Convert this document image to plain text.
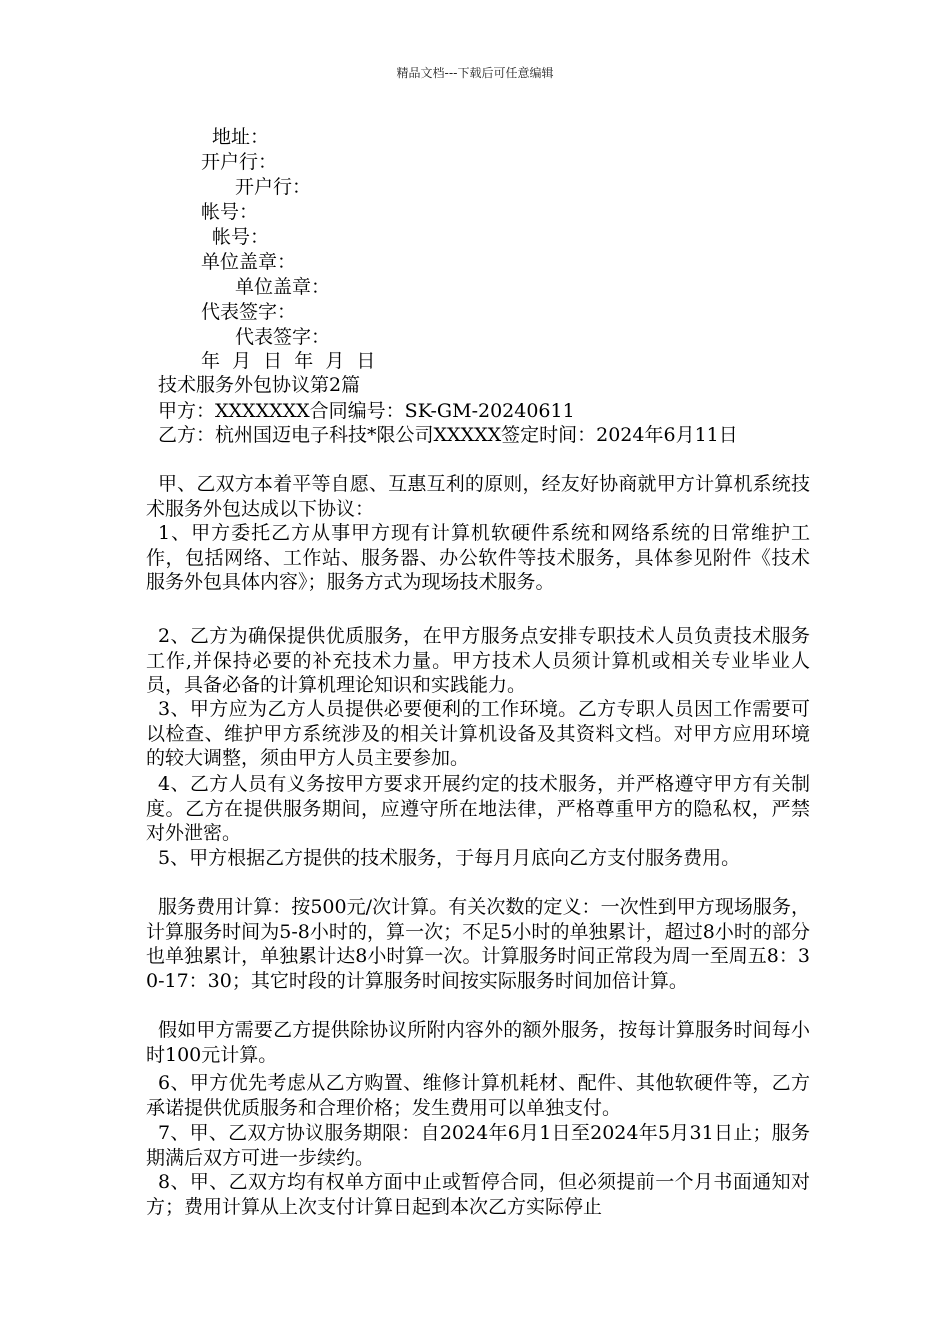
精品文档---下载后可任意编辑
地址：
开户行：
开户行：
帐号：
帐号：
单位盖章：
单位盖章：
代表签字：
代表签字：
年  月  日  年  月  日
技术服务外包协议第2篇
甲方：XXXXXXX合同编号：SK-GM-20240611

乙方：杭州国迈电子科技*限公司XXXXX签定时间：2024年6月11日

甲、乙双方本着平等自愿、互惠互利的原则，经友好协商就甲方计算机系统技术服务外包达成以下协议：

1、甲方委托乙方从事甲方现有计算机软硬件系统和网络系统的日常维护工作，包括网络、工作站、服务器、办公软件等技术服务，具体参见附件《技术服务外包具体内容》；服务方式为现场技术服务。

2、乙方为确保提供优质服务，在甲方服务点安排专职技术人员负责技术服务工作,并保持必要的补充技术力量。甲方技术人员须计算机或相关专业毕业人员，具备必备的计算机理论知识和实践能力。

3、甲方应为乙方人员提供必要便利的工作环境。乙方专职人员因工作需要可以检查、维护甲方系统涉及的相关计算机设备及其资料文档。对甲方应用环境的较大调整，须由甲方人员主要参加。

4、乙方人员有义务按甲方要求开展约定的技术服务，并严格遵守甲方有关制度。乙方在提供服务期间，应遵守所在地法律，严格尊重甲方的隐私权，严禁对外泄密。

5、甲方根据乙方提供的技术服务，于每月月底向乙方支付服务费用。

服务费用计算：按500元/次计算。有关次数的定义：一次性到甲方现场服务，计算服务时间为5-8小时的，算一次；不足5小时的单独累计，超过8小时的部分也单独累计，单独累计达8小时算一次。计算服务时间正常段为周一至周五8：30-17：30；其它时段的计算服务时间按实际服务时间加倍计算。

假如甲方需要乙方提供除协议所附内容外的额外服务，按每计算服务时间每小时100元计算。

6、甲方优先考虑从乙方购置、维修计算机耗材、配件、其他软硬件等，乙方承诺提供优质服务和合理价格；发生费用可以单独支付。

7、甲、乙双方协议服务期限：自2024年6月1日至2024年5月31日止；服务期满后双方可进一步续约。

8、甲、乙双方均有权单方面中止或暂停合同，但必须提前一个月书面通知对方；费用计算从上次支付计算日起到本次乙方实际停止
